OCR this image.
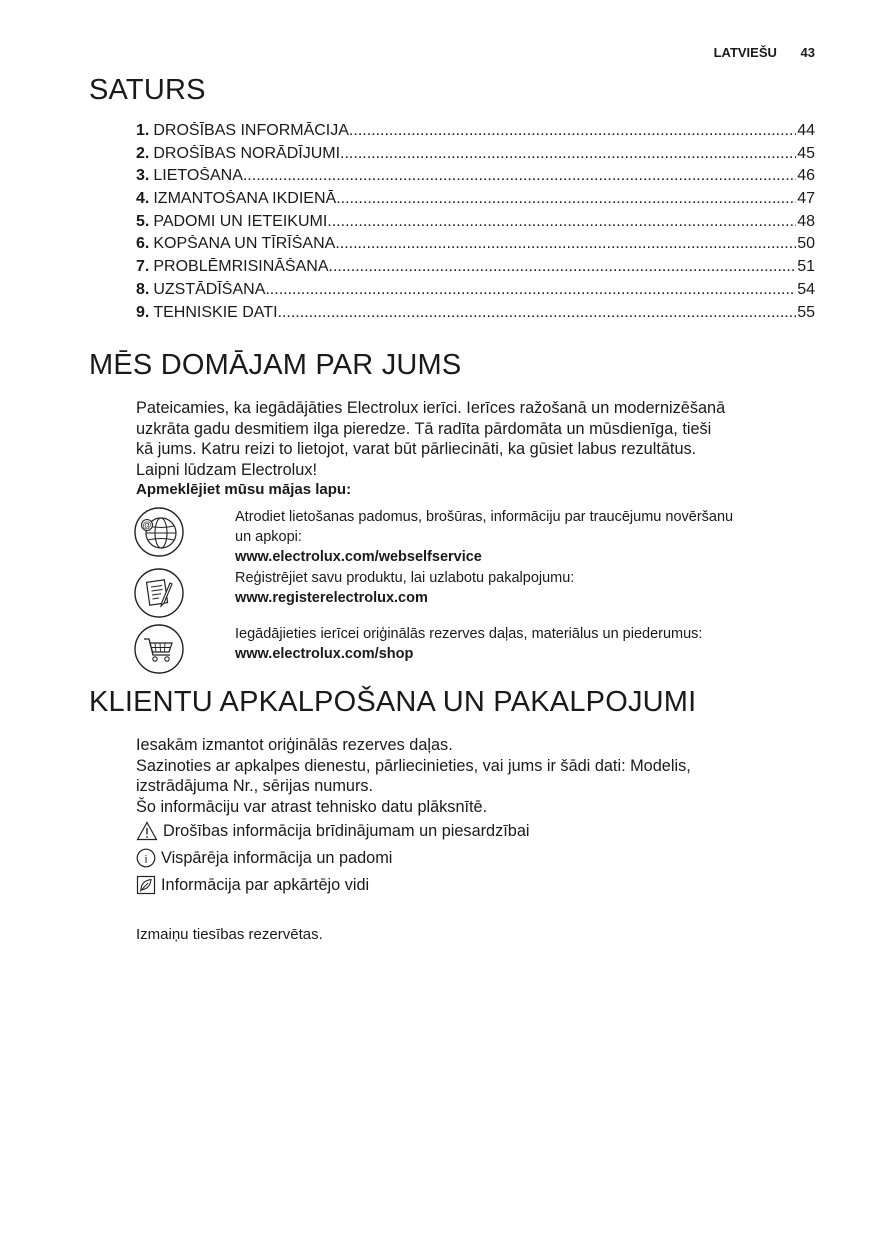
LATVIEŠU 43
SATURS
1. DROŠĪBAS INFORMĀCIJA .....	44
2. DROŠĪBAS NORĀDĪJUMI .....	45
3. LIETOŠANA .....	46
4. IZMANTOŠANA IKDIENĀ .....	47
5. PADOMI UN IETEIKUMI .....	48
6. KOPŠANA UN TĪRĪŠANA .....	50
7. PROBLĒMRISINĀŠANA .....	51
8. UZSTĀDĪŠANA .....	54
9. TEHNISKIE DATI .....	55
MĒS DOMĀJAM PAR JUMS
Pateicamies, ka iegādājāties Electrolux ierīci. Ierīces ražošanā un modernizēšanā
uzkrāta gadu desmitiem ilga pieredze. Tā radīta pārdomāta un mūsdienīga, tieši
kā jums. Katru reizi to lietojot, varat būt pārliecināti, ka gūsiet labus rezultātus.
Laipni lūdzam Electrolux!
Apmeklējiet mūsu mājas lapu:
@	Atrodiet lietošanas padomus, brošūras, informāciju par traucējumu novēršanu
un apkopi:
www.electrolux.com/webselfservice
Reģistrējiet savu produktu, lai uzlabotu pakalpojumu:
www.registerelectrolux.com
Iegādājieties ierīcei oriģinālās rezerves daļas, materiālus un piederumus:
www.electrolux.com/shop
KLIENTU APKALPOŠANA UN PAKALPOJUMI
Iesakām izmantot oriģinālās rezerves daļas.
Sazinoties ar apkalpes dienestu, pārliecinieties, vai jums ir šādi dati: Modelis,
izstrādājuma Nr., sērijas numurs.
Šo informāciju var atrast tehnisko datu plāksnītē.
Drošības informācija brīdinājumam un piesardzībai
i Vispārēja informācija un padomi
Informācija par apkārtējo vidi
Izmaiņu tiesības rezervētas.
